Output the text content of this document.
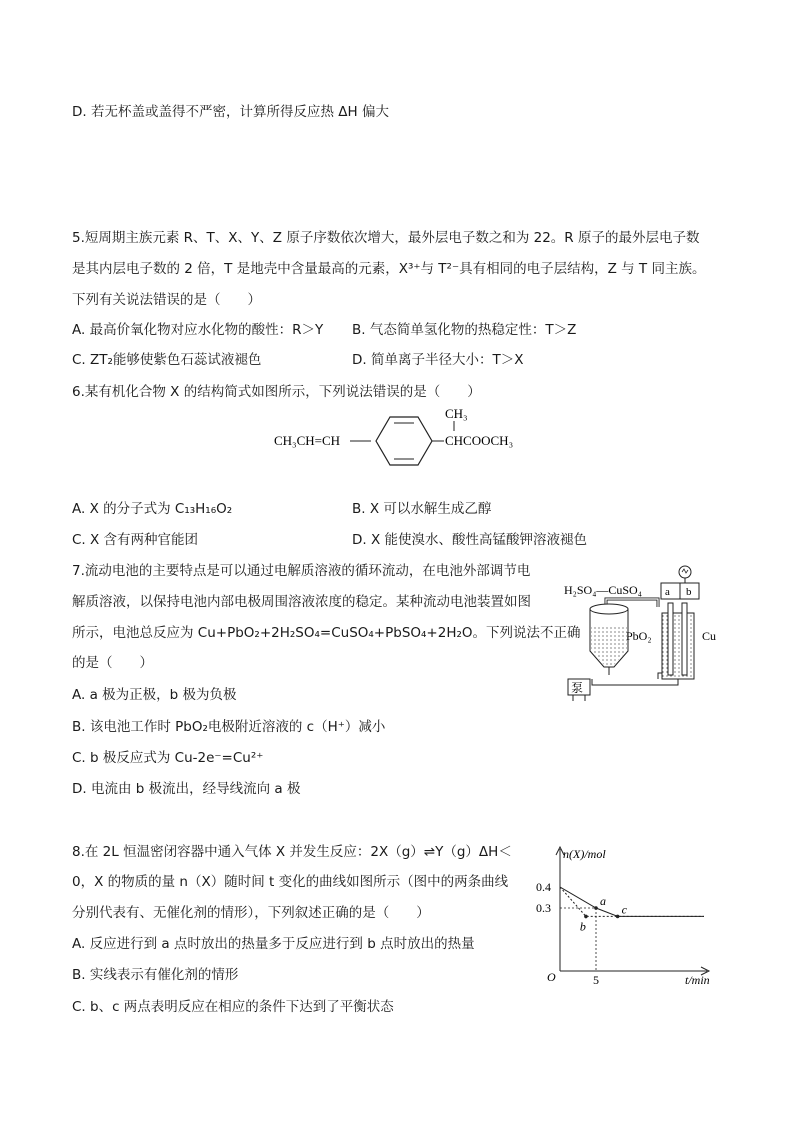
D. 若无杯盖或盖得不严密，计算所得反应热 ΔH 偏大
5.短周期主族元素 R、T、X、Y、Z 原子序数依次增大，最外层电子数之和为 22。R 原子的最外层电子数
是其内层电子数的 2 倍，T 是地壳中含量最高的元素，X³⁺与 T²⁻具有相同的电子层结构，Z 与 T 同主族。
下列有关说法错误的是（　　）
A. 最高价氧化物对应水化物的酸性：R＞Y B. 气态简单氢化物的热稳定性：T＞Z
C. ZT₂能够使紫色石蕊试液褪色	D. 简单离子半径大小：T＞X
6.某有机化合物 X 的结构简式如图所示，下列说法错误的是（　　）
CH₃CH=CH
CH₃
CHCOOCH₃
A. X 的分子式为 C₁₃H₁₆O₂	B. X 可以水解生成乙醇
C. X 含有两种官能团	D. X 能使溴水、酸性高锰酸钾溶液褪色
7.流动电池的主要特点是可以通过电解质溶液的循环流动，在电池外部调节电
解质溶液，以保持电池内部电极周围溶液浓度的稳定。某种流动电池装置如图
所示，电池总反应为 Cu+PbO₂+2H₂SO₄=CuSO₄+PbSO₄+2H₂O。下列说法不正确
的是（　　）
A. a 极为正极，b 极为负极
B. 该电池工作时 PbO₂电极附近溶液的 c（H⁺）减小
C. b 极反应式为 Cu-2e⁻=Cu²⁺
D. 电流由 b 极流出，经导线流向 a 极
H₂SO₄—CuSO₄ a b
PbO₂	Cu
泵
8.在 2L 恒温密闭容器中通入气体 X 并发生反应：2X（g）⇌Y（g）ΔH＜
0，X 的物质的量 n（X）随时间 t 变化的曲线如图所示（图中的两条曲线
分别代表有、无催化剂的情形），下列叙述正确的是（　　）
A. 反应进行到 a 点时放出的热量多于反应进行到 b 点时放出的热量
B. 实线表示有催化剂的情形
C. b、c 两点表明反应在相应的条件下达到了平衡状态
n(X)/mol
t/min
O
0.4
0.3
5
a
b
c
